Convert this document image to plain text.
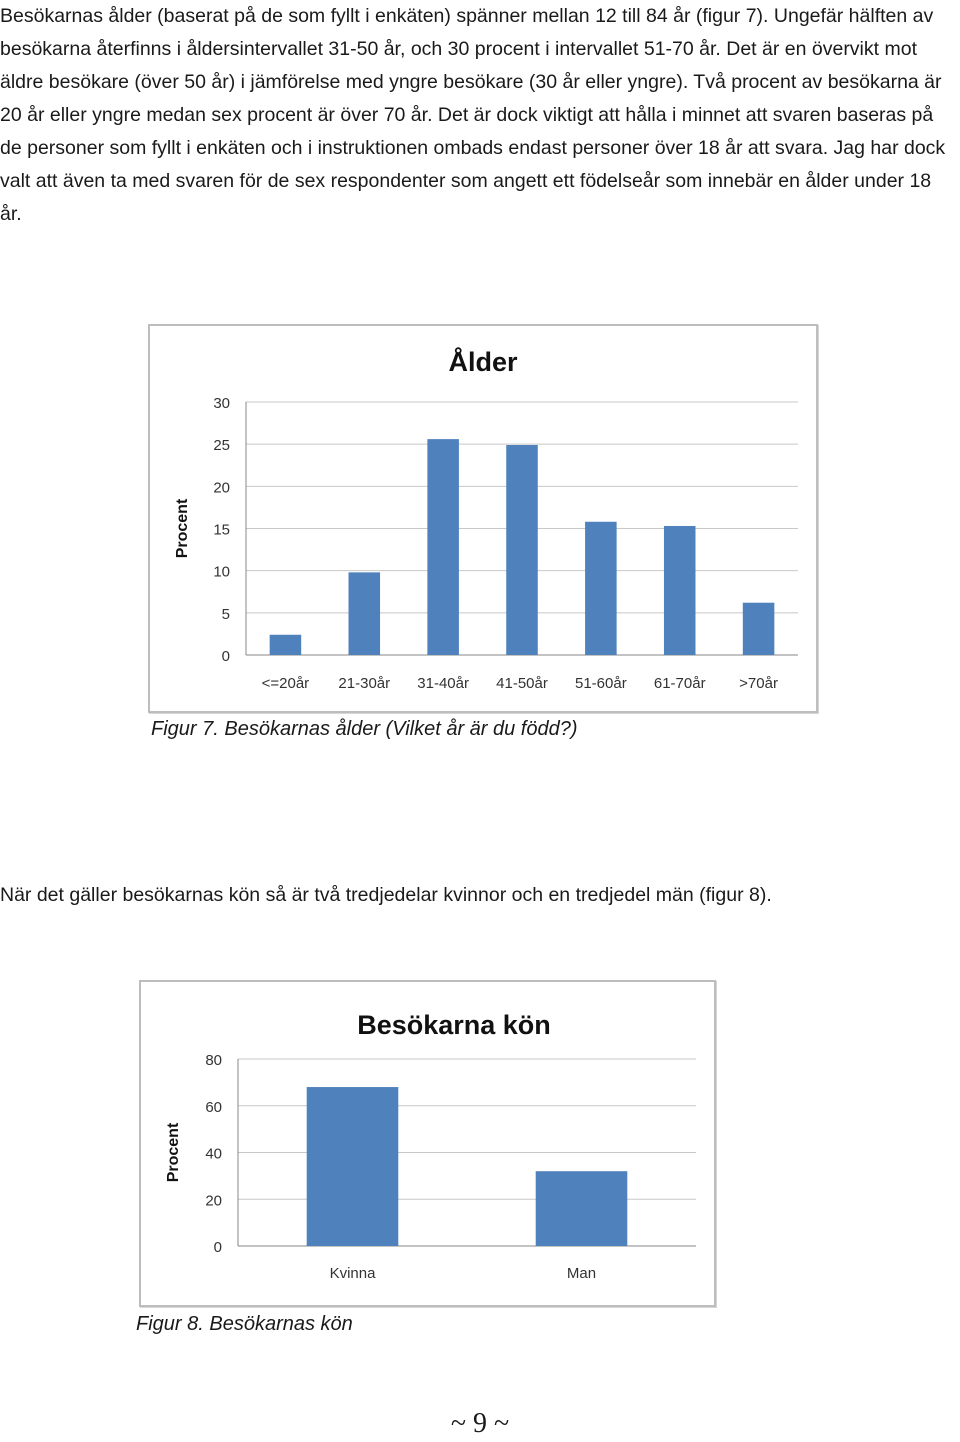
Besökarnas ålder (baserat på de som fyllt i enkäten) spänner mellan 12 till 84 år (figur 7). Ungefär hälften av besökarna återfinns i åldersintervallet 31-50 år, och 30 procent i intervallet 51-70 år. Det är en övervikt mot äldre besökare (över 50 år) i jämförelse med yngre besökare (30 år eller yngre). Två procent av besökarna är 20 år eller yngre medan sex procent är över 70 år. Det är dock viktigt att hålla i minnet att svaren baseras på de personer som fyllt i enkäten och i instruktionen ombads endast personer över 18 år att svara. Jag har dock valt att även ta med svaren för de sex respondenter som angett ett födelseår som innebär en ålder under 18 år.

Ålder
0
5
10
15
20
25
30
Procent
<=20år 21-30år 31-40år 41-50år 51-60år 61-70år >70år

Figur 7. Besökarnas ålder (Vilket år är du född?)

När det gäller besökarnas kön så är två tredjedelar kvinnor och en tredjedel män (figur 8).

Besökarna kön
0
20
40
60
80
Procent
Kvinna	Man

Figur 8. Besökarnas kön

~ 9 ~
